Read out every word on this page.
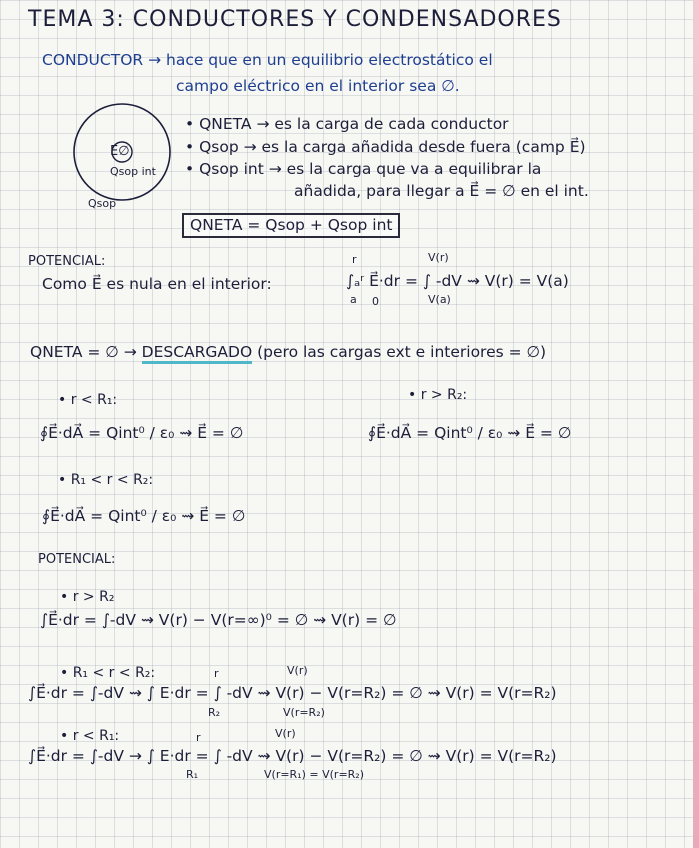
TEMA 3: CONDUCTORES Y CONDENSADORES
CONDUCTOR → hace que en un equilibrio electrostático el
campo eléctrico en el interior sea ∅.
E∅
Qsop int
Qsop
• QNETA → es la carga de cada conductor
• Qsop → es la carga añadida desde fuera (camp E⃗)
• Qsop int → es la carga que va a equilibrar la
añadida, para llegar a E⃗ = ∅ en el int.
QNETA = Qsop + Qsop int
POTENCIAL:
Como E⃗ es nula en el interior:	∫ₐʳ E⃗·dr = ∫ -dV ⇝ V(r) = V(a)
r
a 0
V(r)
V(a)
QNETA = ∅ → DESCARGADO (pero las cargas ext e interiores = ∅)
• r < R₁:
∮E⃗·dA⃗ = Qint⁰ / ε₀ ⇝ E⃗ = ∅
• r > R₂:
∮E⃗·dA⃗ = Qint⁰ / ε₀ ⇝ E⃗ = ∅
• R₁ < r < R₂:
∮E⃗·dA⃗ = Qint⁰ / ε₀ ⇝ E⃗ = ∅
POTENCIAL:
• r > R₂
∫E⃗·dr = ∫-dV ⇝ V(r) − V(r=∞)⁰ = ∅ ⇝ V(r) = ∅
• R₁ < r < R₂:
∫E⃗·dr = ∫-dV ⇝ ∫ E·dr = ∫ -dV ⇝ V(r) − V(r=R₂) = ∅ ⇝ V(r) = V(r=R₂)
r
R₂
V(r)
V(r=R₂)
• r < R₁:
∫E⃗·dr = ∫-dV → ∫ E·dr = ∫ -dV ⇝ V(r) − V(r=R₂) = ∅ ⇝ V(r) = V(r=R₂)
r
R₁
V(r)
V(r=R₁) = V(r=R₂)
